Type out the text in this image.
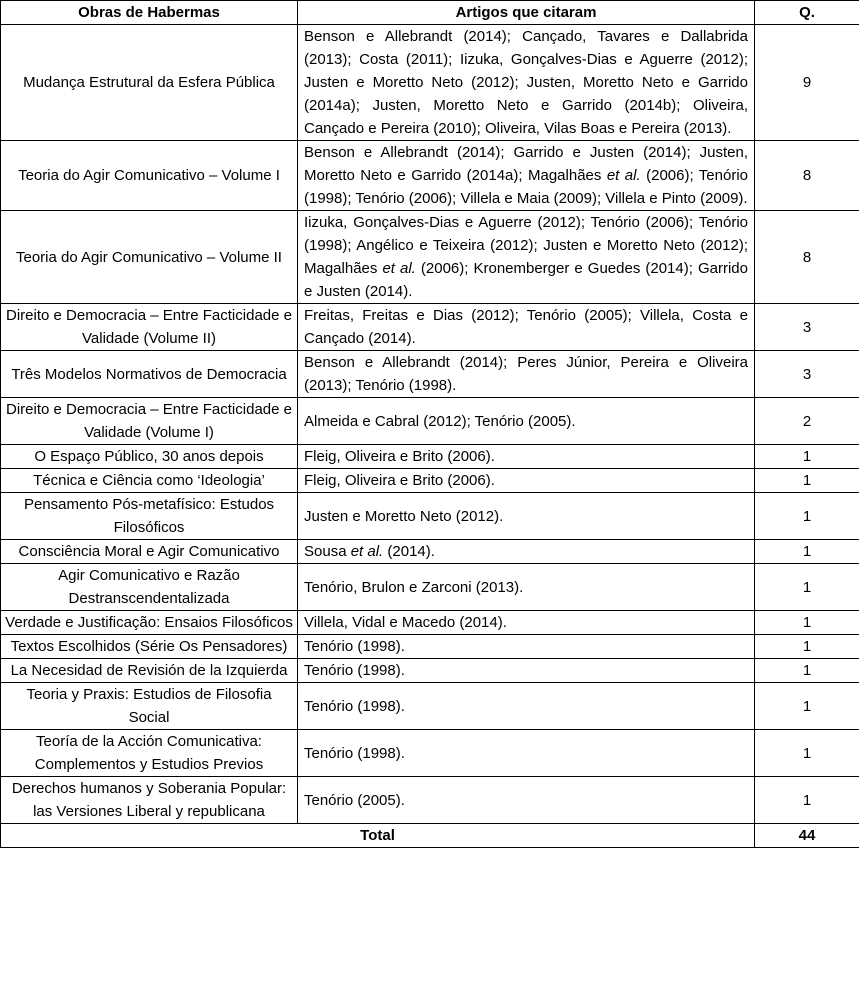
Obras de Habermas	Artigos que citaram	Q.
Mudança Estrutural da Esfera Pública	Benson e Allebrandt (2014); Cançado, Tavares e Dallabrida (2013); Costa (2011); Iizuka, Gonçalves-Dias e Aguerre (2012); Justen e Moretto Neto (2012); Justen, Moretto Neto e Garrido (2014a); Justen, Moretto Neto e Garrido (2014b); Oliveira, Cançado e Pereira (2010); Oliveira, Vilas Boas e Pereira (2013).	9
Teoria do Agir Comunicativo – Volume I	Benson e Allebrandt (2014); Garrido e Justen (2014); Justen, Moretto Neto e Garrido (2014a); Magalhães et al. (2006); Tenório (1998); Tenório (2006); Villela e Maia (2009); Villela e Pinto (2009).	8
Teoria do Agir Comunicativo – Volume II	Iizuka, Gonçalves-Dias e Aguerre (2012); Tenório (2006); Tenório (1998); Angélico e Teixeira (2012); Justen e Moretto Neto (2012); Magalhães et al. (2006); Kronemberger e Guedes (2014); Garrido e Justen (2014).	8
Direito e Democracia – Entre Facticidade e Validade (Volume II)	Freitas, Freitas e Dias (2012); Tenório (2005); Villela, Costa e Cançado (2014).	3
Três Modelos Normativos de Democracia	Benson e Allebrandt (2014); Peres Júnior, Pereira e Oliveira (2013); Tenório (1998).	3
Direito e Democracia – Entre Facticidade e Validade (Volume I)	Almeida e Cabral (2012); Tenório (2005).	2
O Espaço Público, 30 anos depois	Fleig, Oliveira e Brito (2006).	1
Técnica e Ciência como ‘Ideologia’	Fleig, Oliveira e Brito (2006).	1
Pensamento Pós-metafísico: Estudos Filosóficos	Justen e Moretto Neto (2012).	1
Consciência Moral e Agir Comunicativo	Sousa et al. (2014).	1
Agir Comunicativo e Razão Destranscendentalizada	Tenório, Brulon e Zarconi (2013).	1
Verdade e Justificação: Ensaios Filosóficos	Villela, Vidal e Macedo (2014).	1
Textos Escolhidos (Série Os Pensadores)	Tenório (1998).	1
La Necesidad de Revisión de la Izquierda	Tenório (1998).	1
Teoria y Praxis: Estudios de Filosofia Social	Tenório (1998).	1
Teoría de la Acción Comunicativa: Complementos y Estudios Previos	Tenório (1998).	1
Derechos humanos y Soberania Popular: las Versiones Liberal y republicana	Tenório (2005).	1
Total		44
